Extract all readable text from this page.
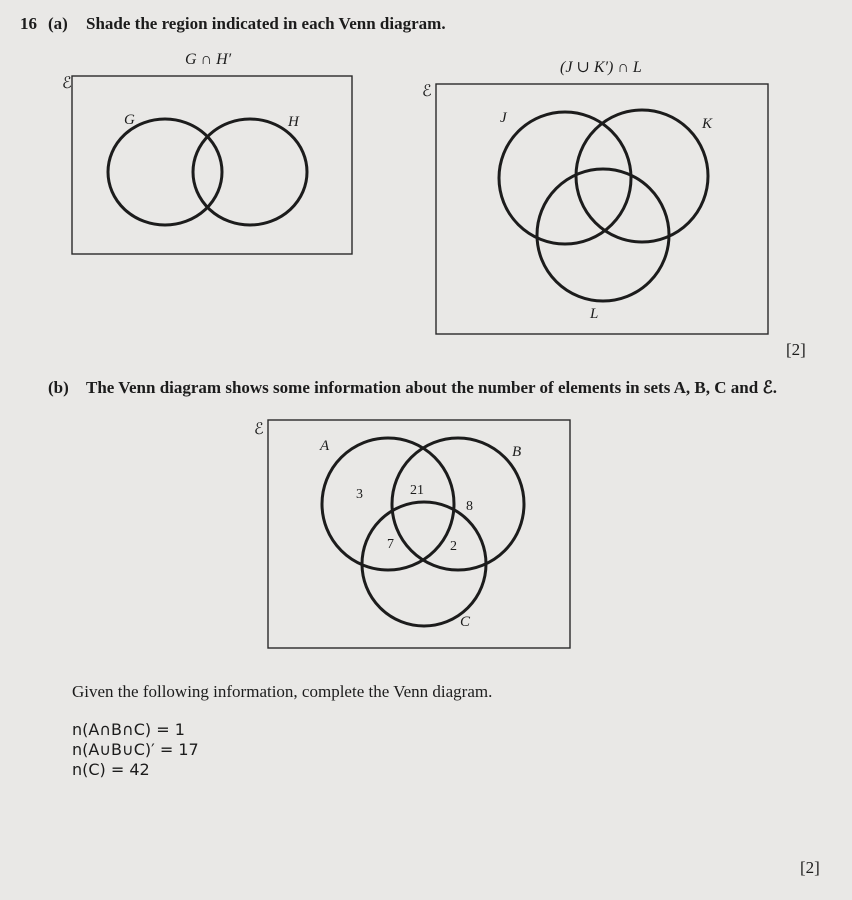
16 (a) Shade the region indicated in each Venn diagram.
G ∩ H′
ℰ
G	H
(J ∪ K′) ∩ L
ℰ
J	K
L
[2]
(b) The Venn diagram shows some information about the number of elements in sets A, B, C and ℰ.
ℰ
A	B
C
3	21
8
7	2
Given the following information, complete the Venn diagram.
n(A∩B∩C) = 1
n(A∪B∪C)′ = 17
n(C) = 42
[2]
